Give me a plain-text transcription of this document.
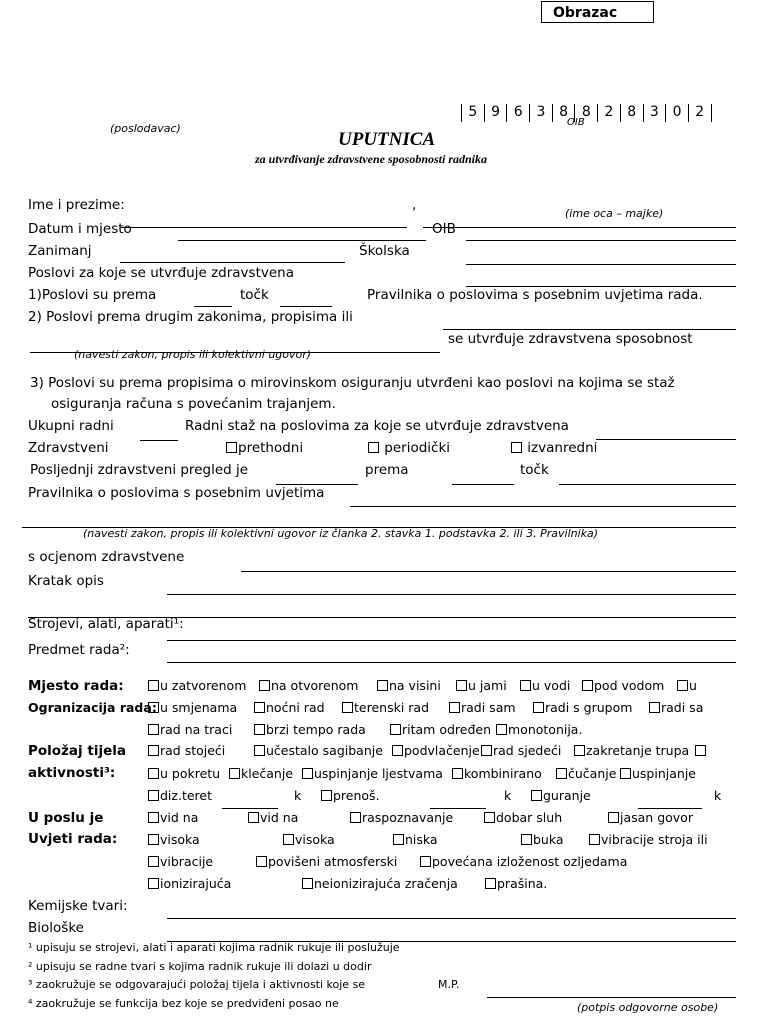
Obrazac
5 9 6 3 8 8 2 8 3 0 2
OIB
(poslodavac)
UPUTNICA
za utvrđivanje zdravstvene sposobnosti radnika
Ime i prezime:	,
(ime oca – majke)
Datum i mjesto	OIB
Zanimanj	Školska
Poslovi za koje se utvrđuje zdravstvena
1)Poslovi su prema	točk	Pravilnika o poslovima s posebnim uvjetima rada.
2) Poslovi prema drugim zakonima, propisima ili
se utvrđuje zdravstvena sposobnost
(navesti zakon, propis ili kolektivni ugovor)
3) Poslovi su prema propisima o mirovinskom osiguranju utvrđeni kao poslovi na kojima se staž
osiguranja računa s povećanim trajanjem.
Ukupni radni	Radni staž na poslovima za koje se utvrđuje zdravstvena
Zdravstveni	prethodni	periodički	izvanredni
Posljednji zdravstveni pregled je	prema	točk
Pravilnika o poslovima s posebnim uvjetima
(navesti zakon, propis ili kolektivni ugovor iz članka 2. stavka 1. podstavka 2. ili 3. Pravilnika)
s ocjenom zdravstvene
Kratak opis
Strojevi, alati, aparati¹:
Predmet rada²:
Mjesto rada:	u zatvorenom	na otvorenom	na visini	u jami	u vodi	pod vodom	u
Ogranizacija rada: u smjenama	noćni rad	terenski rad	radi sam	radi s grupom	radi sa
rad na traci	brzi tempo rada	ritam određen	monotonija.
Položaj tijela	rad stojeći	učestalo sagibanje	podvlačenje	rad sjedeći	zakretanje trupa
aktivnosti³:	u pokretu	klečanje	uspinjanje ljestvama	kombinirano	čučanje	uspinjanje
diz.teret	k	prenoš.	k	guranje	k
U poslu je	vid na	vid na	raspoznavanje	dobar sluh	jasan govor
Uvjeti rada:	visoka	visoka	niska	buka	vibracije stroja ili
vibracije	povišeni atmosferski	povećana izloženost ozljedama
ionizirajuća	neionizirajuća zračenja	prašina.
Kemijske tvari:
Biološke
¹ upisuju se strojevi, alati i aparati kojima radnik rukuje ili poslužuje
² upisuju se radne tvari s kojima radnik rukuje ili dolazi u dodir
³ zaokružuje se odgovarajući položaj tijela i aktivnosti koje se
⁴ zaokružuje se funkcija bez koje se predviđeni posao ne
M.P.
(potpis odgovorne osobe)
